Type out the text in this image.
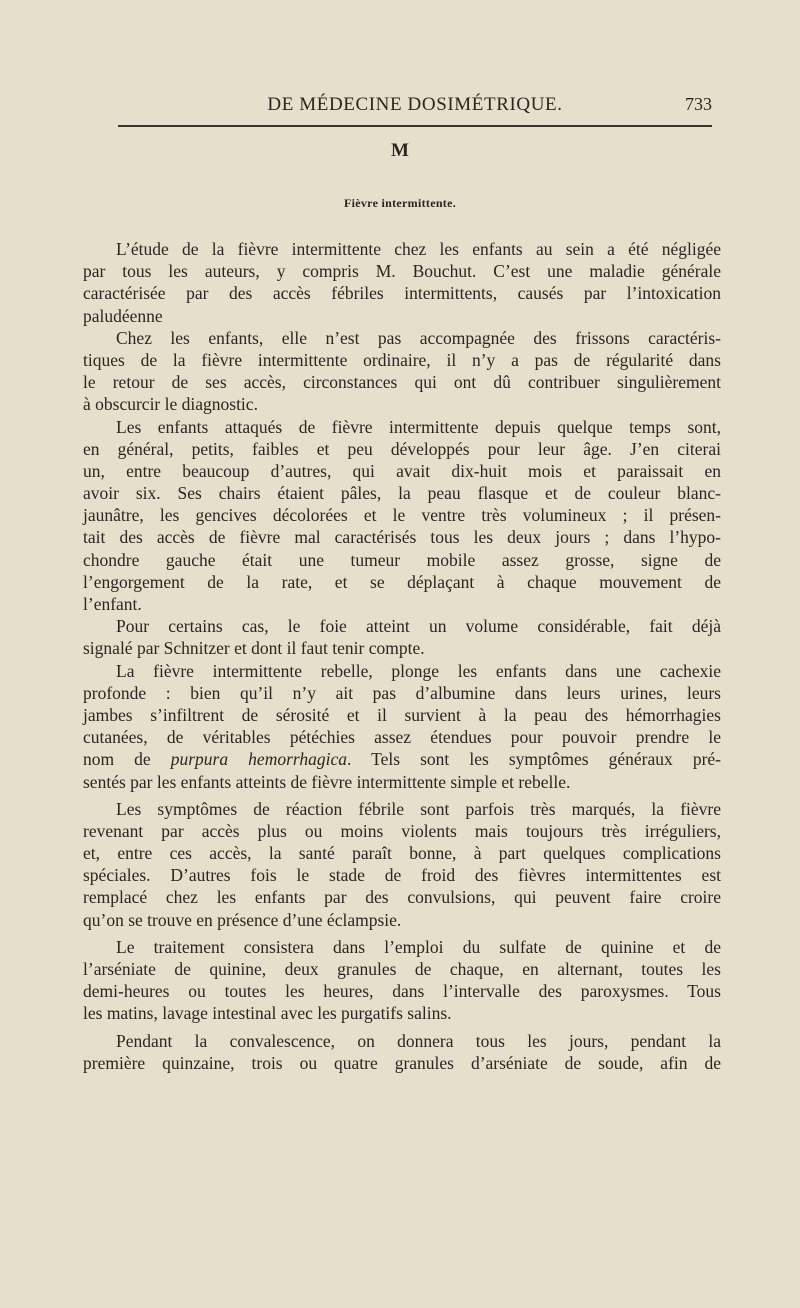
DE MÉDECINE DOSIMÉTRIQUE.	733
M
Fièvre intermittente.
L’étude de la fièvre intermittente chez les enfants au sein a été négligée
par tous les auteurs, y compris M. Bouchut. C’est une maladie générale
caractérisée par des accès fébriles intermittents, causés par l’intoxication
paludéenne
Chez les enfants, elle n’est pas accompagnée des frissons caractéris-
tiques de la fièvre intermittente ordinaire, il n’y a pas de régularité dans
le retour de ses accès, circonstances qui ont dû contribuer singulièrement
à obscurcir le diagnostic.
Les enfants attaqués de fièvre intermittente depuis quelque temps sont,
en général, petits, faibles et peu développés pour leur âge. J’en citerai
un, entre beaucoup d’autres, qui avait dix-huit mois et paraissait en
avoir six. Ses chairs étaient pâles, la peau flasque et de couleur blanc-
jaunâtre, les gencives décolorées et le ventre très volumineux ; il présen-
tait des accès de fièvre mal caractérisés tous les deux jours ; dans l’hypo-
chondre gauche était une tumeur mobile assez grosse, signe de
l’engorgement de la rate, et se déplaçant à chaque mouvement de
l’enfant.
Pour certains cas, le foie atteint un volume considérable, fait déjà
signalé par Schnitzer et dont il faut tenir compte.
La fièvre intermittente rebelle, plonge les enfants dans une cachexie
profonde : bien qu’il n’y ait pas d’albumine dans leurs urines, leurs
jambes s’infiltrent de sérosité et il survient à la peau des hémorrhagies
cutanées, de véritables pétéchies assez étendues pour pouvoir prendre le
nom de purpura hemorrhagica. Tels sont les symptômes généraux pré-
sentés par les enfants atteints de fièvre intermittente simple et rebelle.
Les symptômes de réaction fébrile sont parfois très marqués, la fièvre
revenant par accès plus ou moins violents mais toujours très irréguliers,
et, entre ces accès, la santé paraît bonne, à part quelques complications
spéciales. D’autres fois le stade de froid des fièvres intermittentes est
remplacé chez les enfants par des convulsions, qui peuvent faire croire
qu’on se trouve en présence d’une éclampsie.
Le traitement consistera dans l’emploi du sulfate de quinine et de
l’arséniate de quinine, deux granules de chaque, en alternant, toutes les
demi-heures ou toutes les heures, dans l’intervalle des paroxysmes. Tous
les matins, lavage intestinal avec les purgatifs salins.
Pendant la convalescence, on donnera tous les jours, pendant la
première quinzaine, trois ou quatre granules d’arséniate de soude, afin de
